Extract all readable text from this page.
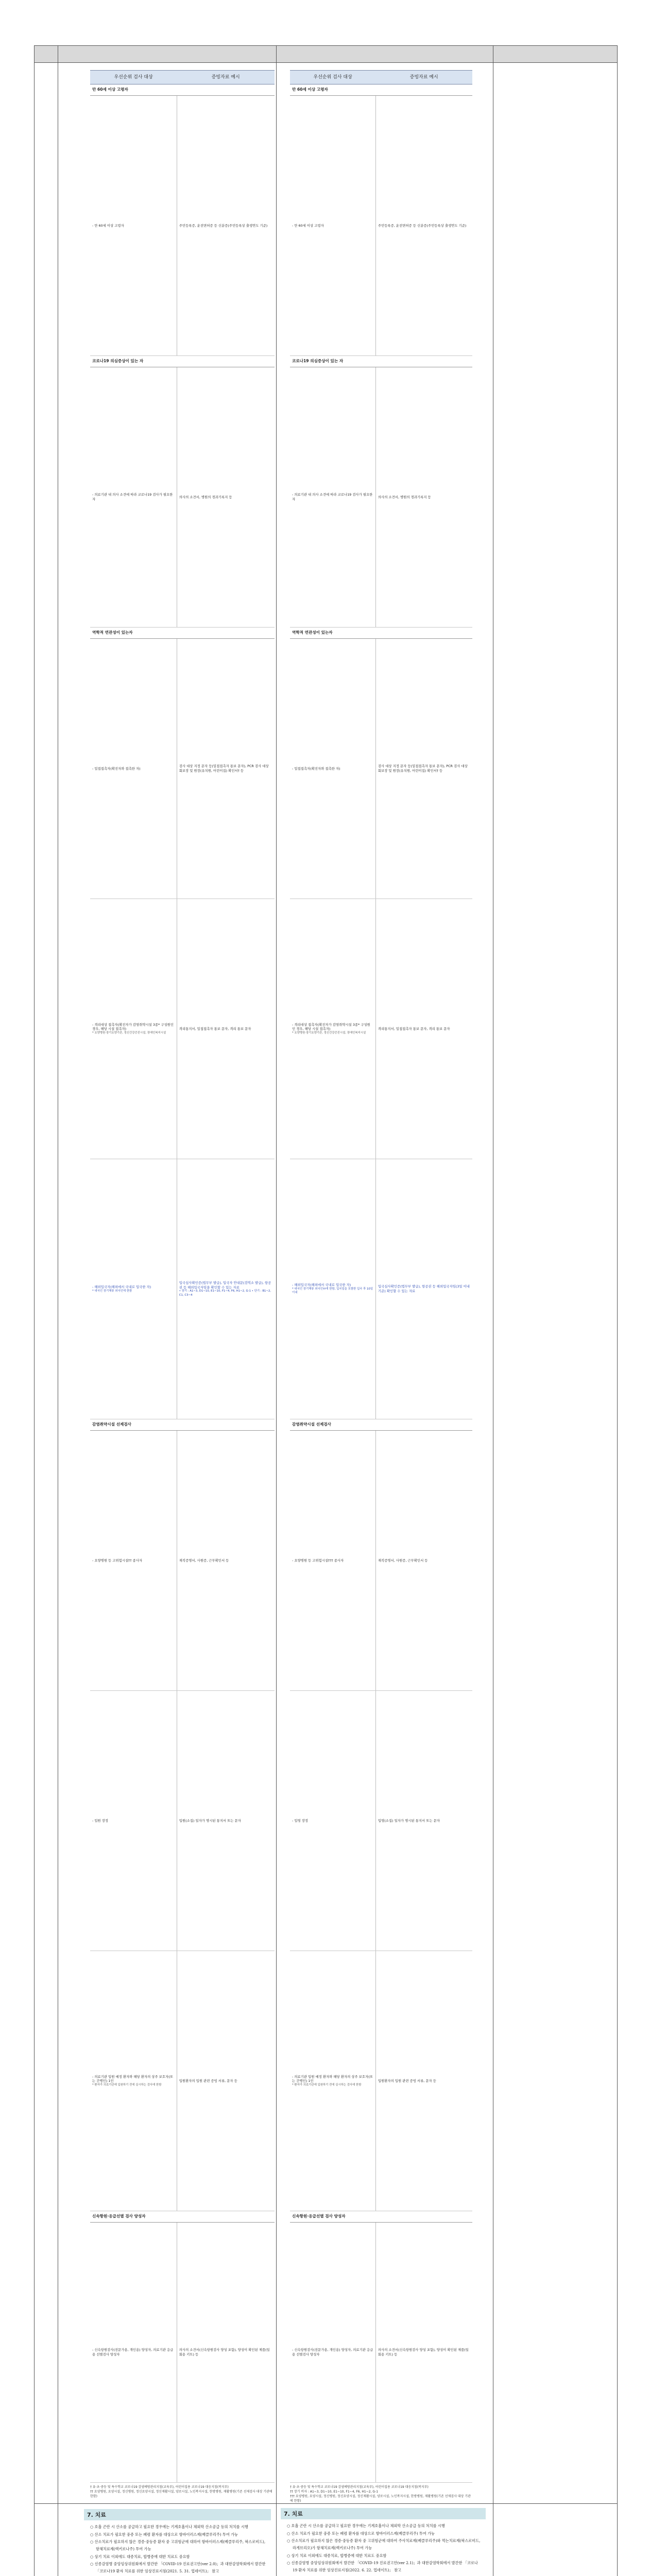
우선순위 검사 대상	증빙자료 예시
만 60세 이상 고령자
- 만 60세 이상 고령자	주민등록증, 운전면허증 등 신분증(주민등록상 출생연도 기준)
코로나19 의심증상이 있는 자
- 의료기관 내 의사 소견에 따라 코로나19 검사가 필요한 자	의사의 소견서, 병원의 경과기록지 등
역학적 연관성이 있는자
- 밀접접촉자(확진자와 접촉한 자)	검사 대상 지정 문자 등(밀접접촉자 통보 문자), PCR 검사 대상 회보장 및 원장(유치원, 어린이집) 확인서† 등
- 격리대상 접촉자(확진자가 감염취약시설 3종* 구성원인 경우, 해당 시설 접촉자)
* 요양병원·장기요양기관, 정신건강증진시설, 장애인복지시설
	격리통지서, 밀접접촉자 통보 문자, 격리 통보 문자
- 해외입국자(해외에서 국내로 입국한 자)
* 내국인 장기체류 외국인에 한함
	입국심사확인증(법무부 발급), 입국자 안내문(검역소 발급), 항공권 등 해외입국자임을 확인할 수 있는 자료
• 장기 : A1~3, D1~10, E1~10, F1~4, F6, H1~2, G-1 • 단기 : B1~2, C1, C3~4

감염취약시설 선제검사
- 요양병원 등 고위험시설†† 종사자	재직증명서, 사원증, 근무확인서 등
- 입원 장정	입원(소집) 일자가 명시된 통지서 또는 문자
- 의료기관 입원 예정 환자와 해당 환자의 상주 보호자(또는 간병인) 1인
* 환자가 의료기관에 입원하기 전에 실시하는 검사에 한함
	입원환자의 입원 관련 증빙 서류, 문자 등
신속항원·응급선별 검사 양성자
- 신속항원검사(전문가용, 개인용) 양성자, 의료기관 응급용 선별검사 양성자	의사의 소견서(신속항원검사 양성 포함), 양성이 확인된 제품(일회용 키트) 등
† 유·초·중등 및 특수학교 코로나19 감염예방관리지침(교육부), 어린이집용 코로나19 대응지침(복지부)
†† 요양병원, 요양시설, 정신병원, 정신요양시설, 정신재활시설, 양로시설, 노인복지시설, 한방병원, 재활병원(기존 선제검사 대상 기관에 한함)

우선순위 검사 대상	증빙자료 예시
만 60세 이상 고령자
- 만 60세 이상 고령자	주민등록증, 운전면허증 등 신분증(주민등록상 출생연도 기준)
코로나19 의심증상이 있는 자
- 의료기관 내 의사 소견에 따라 코로나19 검사가 필요한 자	의사의 소견서, 병원의 경과기록지 등
역학적 연관성이 있는자
- 밀접접촉자(확진자와 접촉한 자)	검사 대상 지정 문자 등(밀접접촉자 통보 문자), PCR 검사 대상 회보장 및 원장(유치원, 어린이집) 확인서† 등
- 격리대상 접촉자(확진자가 감염취약시설 3종* 구성원인 경우, 해당 시설 접촉자)
* 요양병원·장기요양기관, 정신건강증진시설, 장애인복지시설
	격리통지서, 밀접접촉자 통보 문자, 격리 통보 문자
- 해외입국자(해외에서 국내로 입국한 자)
* 내국인 장기체류 외국인††에 한함, 입국일을 포함한 입국 후 10일 이내
	입국심사확인증(법무부 발급), 항공권 등 해외입국자임(3일 이내 기준) 확인할 수 있는 자료
감염취약시설 선제검사
- 요양병원 등 고위험시설††† 종사자	재직증명서, 사원증, 근무확인서 등
- 입영 장정	입영(소집) 일자가 명시된 통지서 또는 문자
- 의료기관 입원 예정 환자와 해당 환자의 상주 보호자(또는 간병인) 1인
* 환자가 의료기관에 입원하기 전에 실시하는 검사에 한함
	입원환자의 입원 관련 증빙 서류, 문자 등
신속항원·응급선별 검사 양성자
- 신속항원검사(전문가용, 개인용) 양성자, 의료기관 응급용 선별검사 양성자	의사의 소견서(신속항원검사 양성 포함), 양성이 확인된 제품(일회용 키트) 등
† 유·초·중등 및 특수학교 코로나19 감염예방관리지침(교육부), 어린이집용 코로나19 대응지침(복지부)
†† 장기 비자 : A1~3, D1~10, E1~10, F1~4, F6, H1~2, G-1
††† 요양병원, 요양시설, 정신병원, 정신요양시설, 정신재활시설, 양로시설, 노인복지시설, 한방병원, 재활병원(기존 선제검사 대상 기관에 한함)

7. 치료
○ 호흡 곤란 시 산소를 공급하고 필요한 경우에는 기계호흡이나 체외막 산소공급 등의 처치를 시행
○ 산소 치료가 필요한 중증 또는 폐렴 환자를 대상으로 항바이러스제(베클루리주) 투여 가능
○ 산소치료가 필요하지 않은 경증·중등증 환자 중 고위험군에 대하여 항바이러스제(베클루리주, 팍스로비드), 항체치료제(렉키로나주) 투여 가능
○ 상기 치료 이외에도 대증치료, 합병증에 대한 치료도 중요함
○ 신종감염병 중앙임상위원회에서 발간한 「COVID-19 진료권고안(ver 2.0)」과 대한감염학회에서 발간한 「코로나19 환자 치료를 위한 임상진료지침(2021. 5. 31. 업데이트)」 참고

7. 치료
○ 호흡 곤란 시 산소를 공급하고 필요한 경우에는 기계호흡이나 체외막 산소공급 등의 처치를 시행
○ 산소 치료가 필요한 중증 또는 폐렴 환자를 대상으로 항바이러스제(베클루리주) 투여 가능
○ 산소치료가 필요하지 않은 경증·중등증 환자 중 고위험군에 대하여 주사치료제(베클루리주)와 먹는치료제(팍스로비드, 라게브리오)가 항체치료제(렉키로나주) 투여 가능
○ 상기 치료 이외에도 대증치료, 합병증에 대한 치료도 중요함
○ 신종감염병 중앙임상위원회에서 발간한 「COVID-19 진료권고안(ver 2.1)」과 대한감염학회에서 발간한 「코로나19 환자 치료를 위한 임상진료지침(2022. 6. 22. 업데이트)」 참고
